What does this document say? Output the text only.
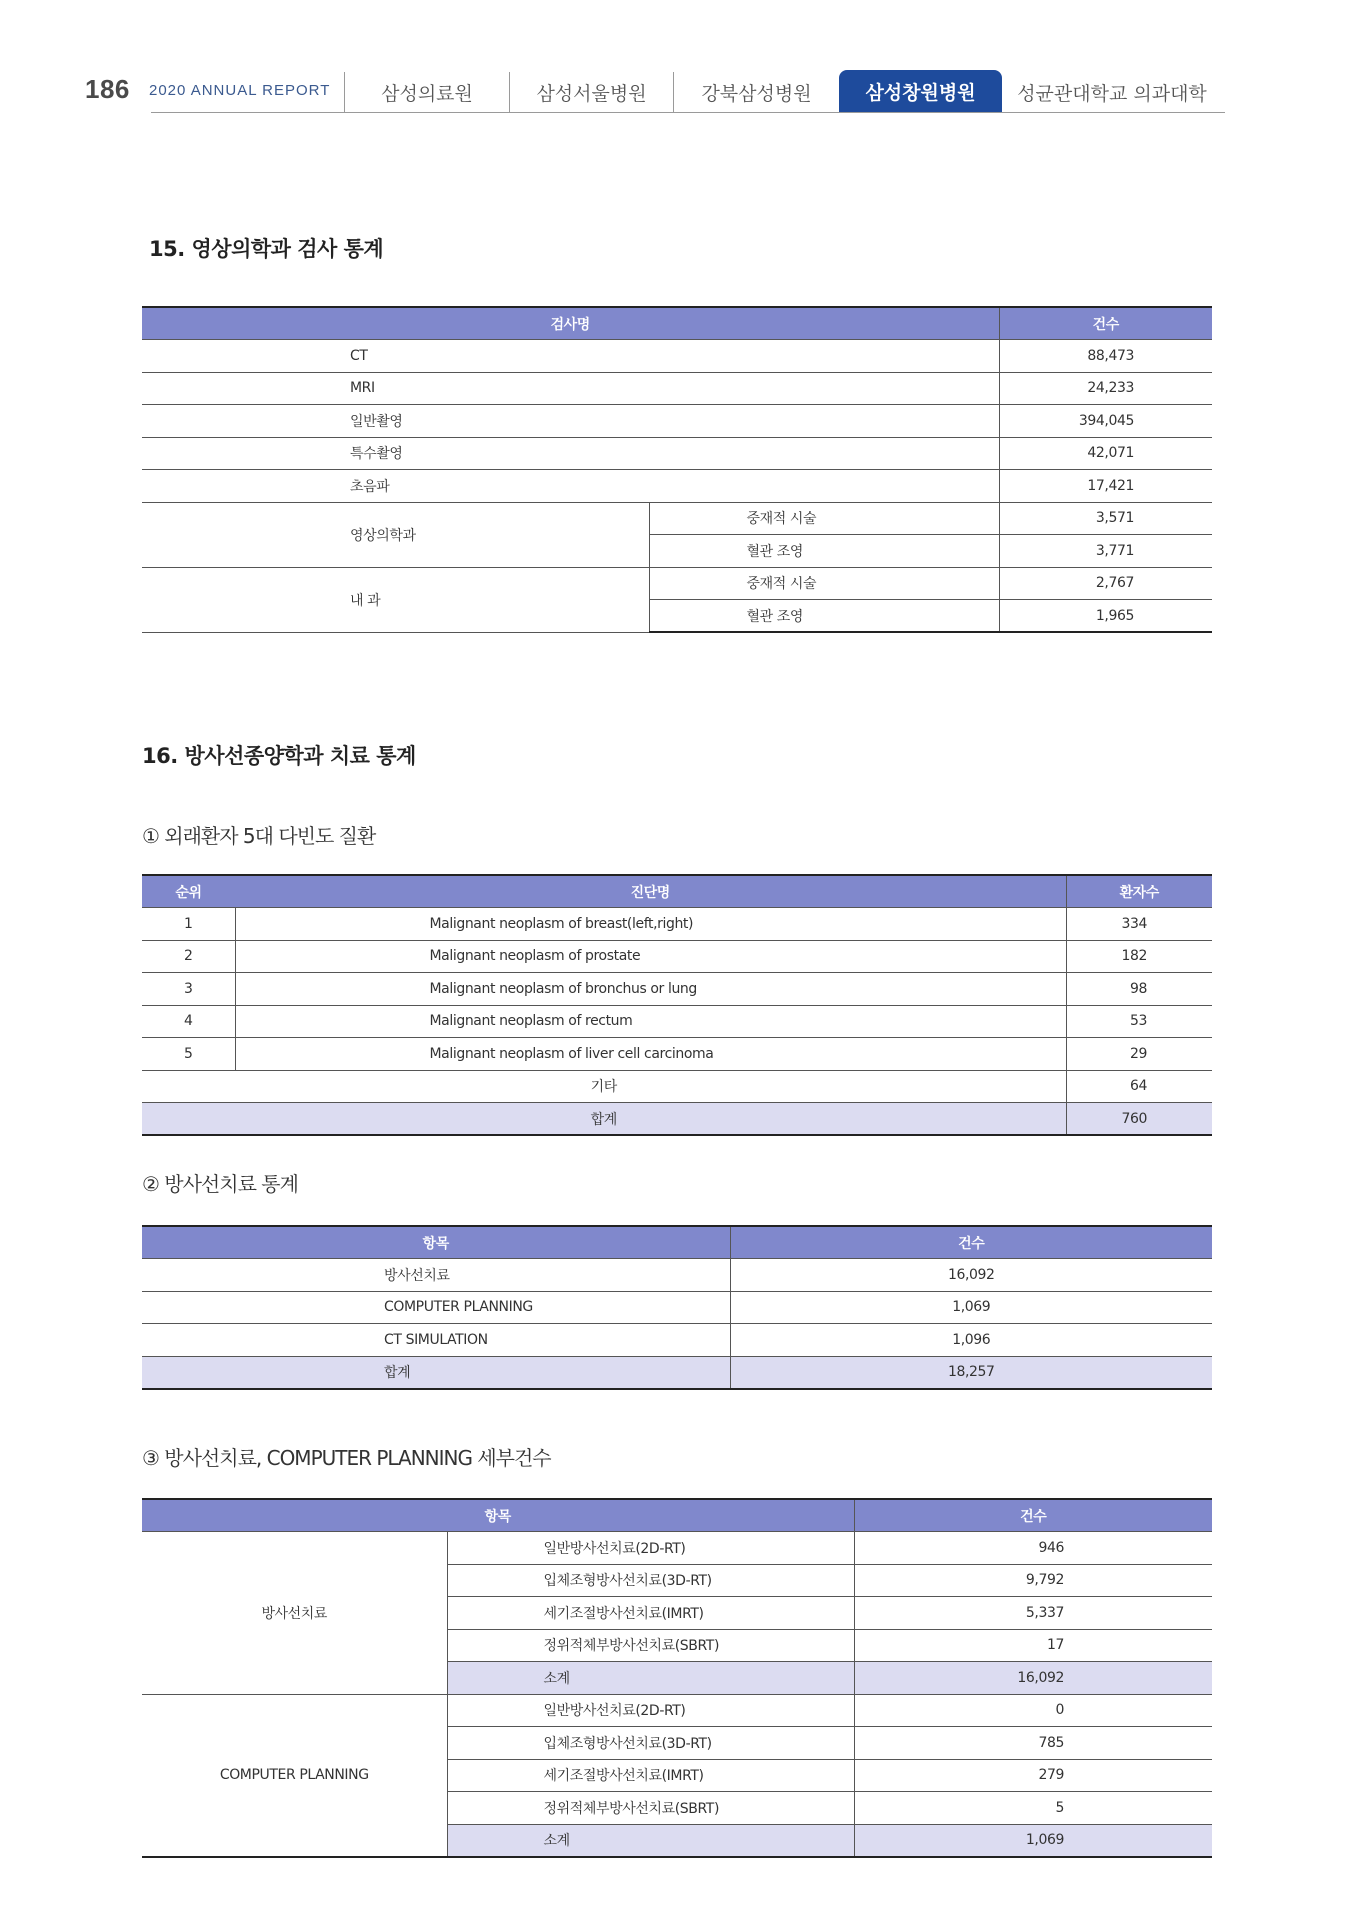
186 2020 ANNUAL REPORT	삼성의료원	삼성서울병원	강북삼성병원	삼성창원병원	성균관대학교 의과대학
15. 영상의학과 검사 통계
검사명		건수
CT		88,473
MRI		24,233
일반촬영		394,045
특수촬영		42,071
초음파		17,421
영상의학과	중재적 시술	3,571
	혈관 조영	3,771
내 과	중재적 시술	2,767
	혈관 조영	1,965
16. 방사선종양학과 치료 통계
① 외래환자 5대 다빈도 질환
순위	진단명	환자수
1	Malignant neoplasm of breast(left,right)	334
2	Malignant neoplasm of prostate	182
3	Malignant neoplasm of bronchus or lung	98
4	Malignant neoplasm of rectum	53
5	Malignant neoplasm of liver cell carcinoma	29
기타		64
합계		760
② 방사선치료 통계
항목	건수
방사선치료	16,092
COMPUTER PLANNING	1,069
CT SIMULATION	1,096
합계	18,257
③ 방사선치료, COMPUTER PLANNING 세부건수
항목		건수
방사선치료	일반방사선치료(2D-RT)	946
	입체조형방사선치료(3D-RT)	9,792
	세기조절방사선치료(IMRT)	5,337
	정위적체부방사선치료(SBRT)	17
	소계	16,092
COMPUTER PLANNING	일반방사선치료(2D-RT)	0
	입체조형방사선치료(3D-RT)	785
	세기조절방사선치료(IMRT)	279
	정위적체부방사선치료(SBRT)	5
	소계	1,069
